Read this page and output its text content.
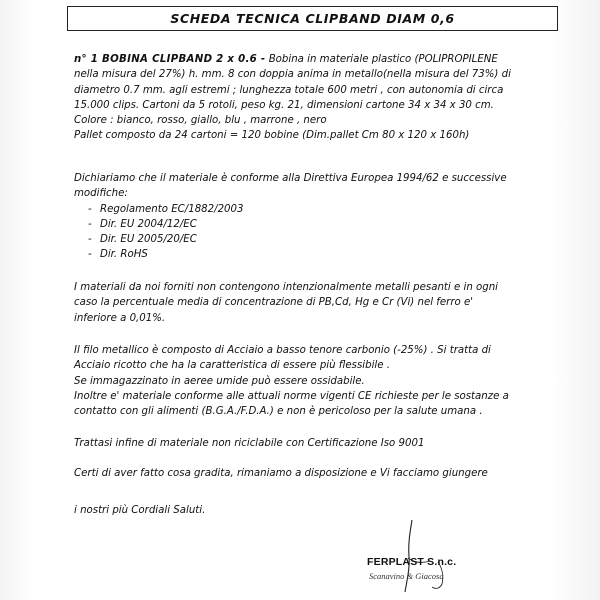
SCHEDA TECNICA CLIPBAND DIAM 0,6
n° 1 BOBINA CLIPBAND 2 x 0.6 - Bobina in materiale plastico (POLIPROPILENE
nella misura del 27%) h. mm. 8 con doppia anima in metallo(nella misura del 73%) di
diametro 0.7 mm. agli estremi ; lunghezza totale 600 metri , con autonomia di circa
15.000 clips. Cartoni da 5 rotoli, peso kg. 21, dimensioni cartone 34 x 34 x 30 cm.
Colore : bianco, rosso, giallo, blu , marrone , nero
Pallet composto da 24 cartoni = 120 bobine (Dim.pallet Cm 80 x 120 x 160h)
Dichiariamo che il materiale è conforme alla Direttiva Europea 1994/62 e successive
modifiche:
- Regolamento EC/1882/2003
- Dir. EU 2004/12/EC
- Dir. EU 2005/20/EC
- Dir. RoHS
I materiali da noi forniti non contengono intenzionalmente metalli pesanti e in ogni
caso la percentuale media di concentrazione di PB,Cd, Hg e Cr (Vi) nel ferro e'
inferiore a 0,01%.
Il filo metallico è composto di Acciaio a basso tenore carbonio (-25%) . Si tratta di
Acciaio ricotto che ha la caratteristica di essere più flessibile .
Se immagazzinato in aeree umide può essere ossidabile.
Inoltre e' materiale conforme alle attuali norme vigenti CE richieste per le sostanze a
contatto con gli alimenti (B.G.A./F.D.A.) e non è pericoloso per la salute umana .
Trattasi infine di materiale non riciclabile con Certificazione Iso 9001
Certi di aver fatto cosa gradita, rimaniamo a disposizione e Vi facciamo giungere
i nostri più Cordiali Saluti.
FERPLAST S.n.c.
Scanavino & Giacosa
